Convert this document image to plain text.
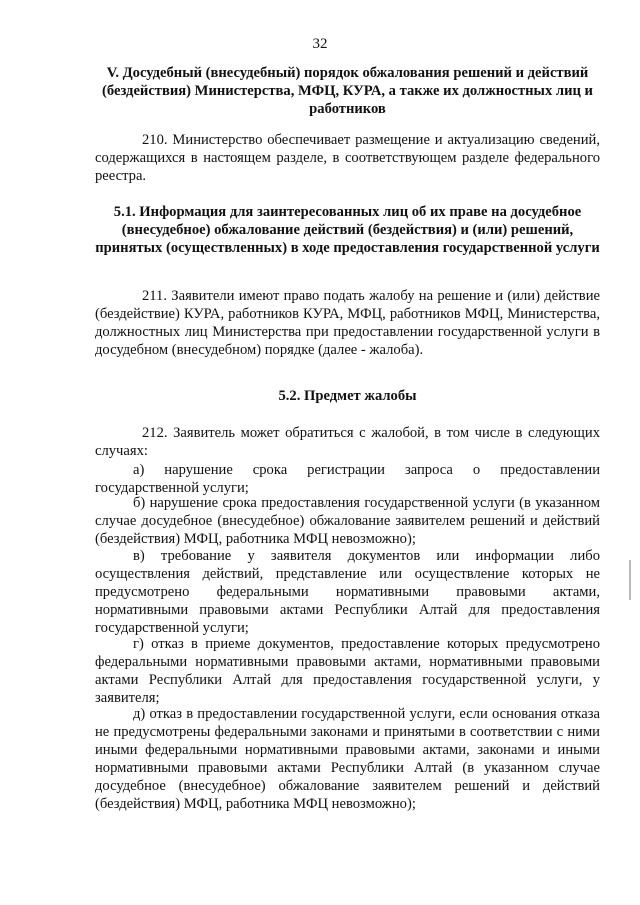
32
V. Досудебный (внесудебный) порядок обжалования решений и действий (бездействия) Министерства, МФЦ, КУРА, а также их должностных лиц и работников
210. Министерство обеспечивает размещение и актуализацию сведений, содержащихся в настоящем разделе, в соответствующем разделе федерального реестра.
5.1. Информация для заинтересованных лиц об их праве на досудебное (внесудебное) обжалование действий (бездействия) и (или) решений, принятых (осуществленных) в ходе предоставления государственной услуги
211. Заявители имеют право подать жалобу на решение и (или) действие (бездействие) КУРА, работников КУРА, МФЦ, работников МФЦ, Министерства, должностных лиц Министерства при предоставлении государственной услуги в досудебном (внесудебном) порядке (далее - жалоба).
5.2. Предмет жалобы
212. Заявитель может обратиться с жалобой, в том числе в следующих случаях:
а) нарушение срока регистрации запроса о предоставлении государственной услуги;
б) нарушение срока предоставления государственной услуги (в указанном случае досудебное (внесудебное) обжалование заявителем решений и действий (бездействия) МФЦ, работника МФЦ невозможно);
в) требование у заявителя документов или информации либо осуществления действий, представление или осуществление которых не предусмотрено федеральными нормативными правовыми актами, нормативными правовыми актами Республики Алтай для предоставления государственной услуги;
г) отказ в приеме документов, предоставление которых предусмотрено федеральными нормативными правовыми актами, нормативными правовыми актами Республики Алтай для предоставления государственной услуги, у заявителя;
д) отказ в предоставлении государственной услуги, если основания отказа не предусмотрены федеральными законами и принятыми в соответствии с ними иными федеральными нормативными правовыми актами, законами и иными нормативными правовыми актами Республики Алтай (в указанном случае досудебное (внесудебное) обжалование заявителем решений и действий (бездействия) МФЦ, работника МФЦ невозможно);
